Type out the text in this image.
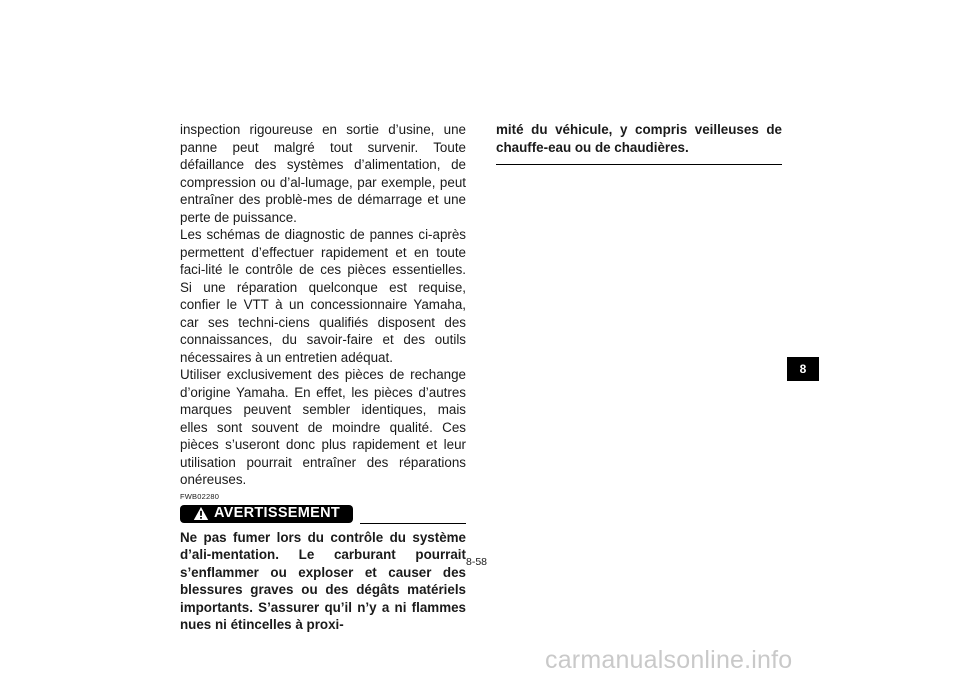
inspection rigoureuse en sortie d’usine, une panne peut malgré tout survenir. Toute défaillance des systèmes d’alimentation, de compression ou d’al-lumage, par exemple, peut entraîner des problè-mes de démarrage et une perte de puissance.

Les schémas de diagnostic de pannes ci-après permettent d’effectuer rapidement et en toute faci-lité le contrôle de ces pièces essentielles. Si une réparation quelconque est requise, confier le VTT à un concessionnaire Yamaha, car ses techni-ciens qualifiés disposent des connaissances, du savoir-faire et des outils nécessaires à un entretien adéquat.

Utiliser exclusivement des pièces de rechange d’origine Yamaha. En effet, les pièces d’autres marques peuvent sembler identiques, mais elles sont souvent de moindre qualité. Ces pièces s’useront donc plus rapidement et leur utilisation pourrait entraîner des réparations onéreuses.

FWB02280
AVERTISSEMENT

Ne pas fumer lors du contrôle du système d’ali-mentation. Le carburant pourrait s’enflammer ou exploser et causer des blessures graves ou des dégâts matériels importants. S’assurer qu’il n’y a ni flammes nues ni étincelles à proxi-

mité du véhicule, y compris veilleuses de chauffe-eau ou de chaudières.

8-58
8
carmanualsonline.info
